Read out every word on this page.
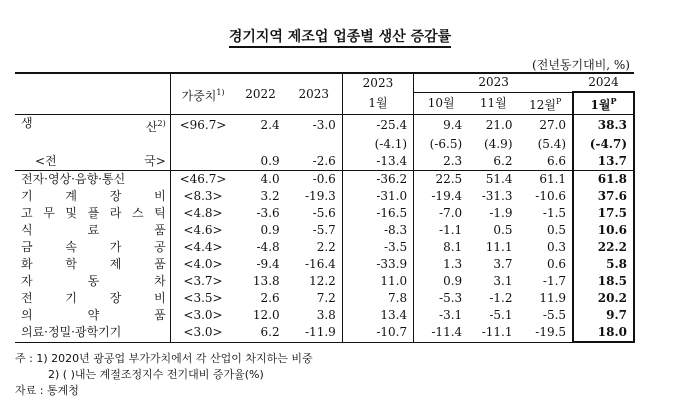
경기지역 제조업 업종별 생산 증감률
(전년동기대비, %)
	가중치$^{1)}$	2022	2023	2023	2023			2024
				1월	10월	11월	12월$^P$	1월$^P$

생 산$^{2)}$	<96.7>	2.4	-3.0	-25.4	9.4	21.0	27.0	38.3
				(-4.1)	(-6.5)	(4.9)	(5.4)	(-4.7)

<전 국>		0.9	-2.6	-13.4	2.3	6.2	6.6	13.7
전자·영상·음향·통신	<46.7>	4.0	-0.6	-36.2	22.5	51.4	61.1	61.8
기 계 장 비	<8.3>	3.2	-19.3	-31.0	-19.4	-31.3	-10.6	37.6
고 무 및 플 라 스 틱	<4.8>	-3.6	-5.6	-16.5	-7.0	-1.9	-1.5	17.5
식 료 품	<4.6>	0.9	-5.7	-8.3	-1.1	0.5	0.5	10.6
금 속 가 공	<4.4>	-4.8	2.2	-3.5	8.1	11.1	0.3	22.2
화 학 제 품	<4.0>	-9.4	-16.4	-33.9	1.3	3.7	0.6	5.8
자 동 차	<3.7>	13.8	12.2	11.0	0.9	3.1	-1.7	18.5
전 기 장 비	<3.5>	2.6	7.2	7.8	-5.3	-1.2	11.9	20.2
의 약 품	<3.0>	12.0	3.8	13.4	-3.1	-5.1	-5.5	9.7
의료·정밀·광학기기	<3.0>	6.2	-11.9	-10.7	-11.4	-11.1	-19.5	18.0
주 : 1) 2020년 광공업 부가가치에서 각 산업이 차지하는 비중
2) ( )내는 계절조정지수 전기대비 증가율(%)
자료 : 통계청
